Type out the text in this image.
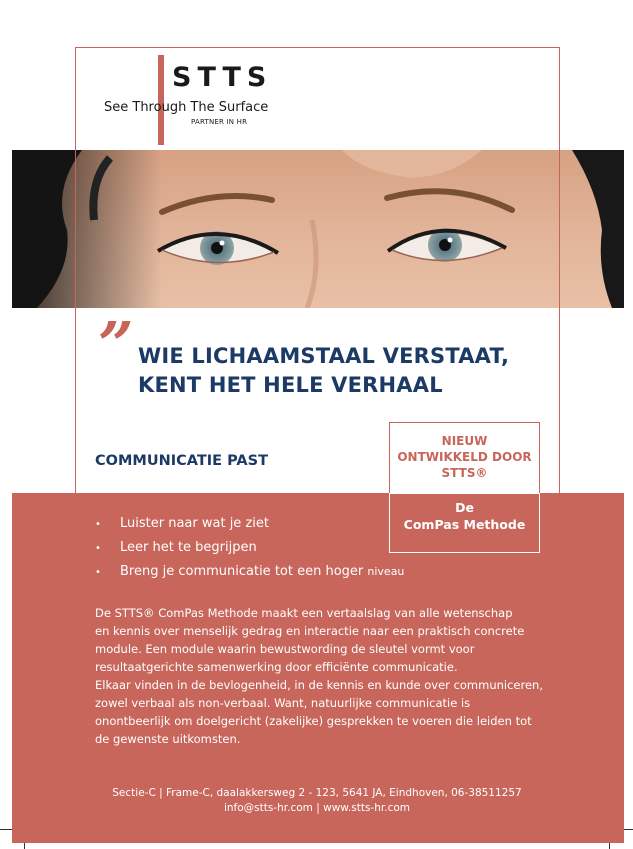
STTS
See Through The Surface
PARTNER IN HR
” WIE LICHAAMSTAAL VERSTAAT,
KENT HET HELE VERHAAL
COMMUNICATIE PAST
NIEUW
ONTWIKKELD DOOR
STTS®
De
ComPas Methode
• Luister naar wat je ziet
• Leer het te begrijpen
• Breng je communicatie tot een hoger niveau

De STTS® ComPas Methode maakt een vertaalslag van alle wetenschap

en kennis over menselijk gedrag en interactie naar een praktisch concrete

module. Een module waarin bewustwording de sleutel vormt voor

resultaatgerichte samenwerking door efficiënte communicatie.

Elkaar vinden in de bevlogenheid, in de kennis en kunde over communiceren,

zowel verbaal als non-verbaal. Want, natuurlijke communicatie is

onontbeerlijk om doelgericht (zakelijke) gesprekken te voeren die leiden tot

de gewenste uitkomsten.

Sectie-C | Frame-C, daalakkersweg 2 - 123, 5641 JA, Eindhoven, 06-38511257
info@stts-hr.com | www.stts-hr.com
